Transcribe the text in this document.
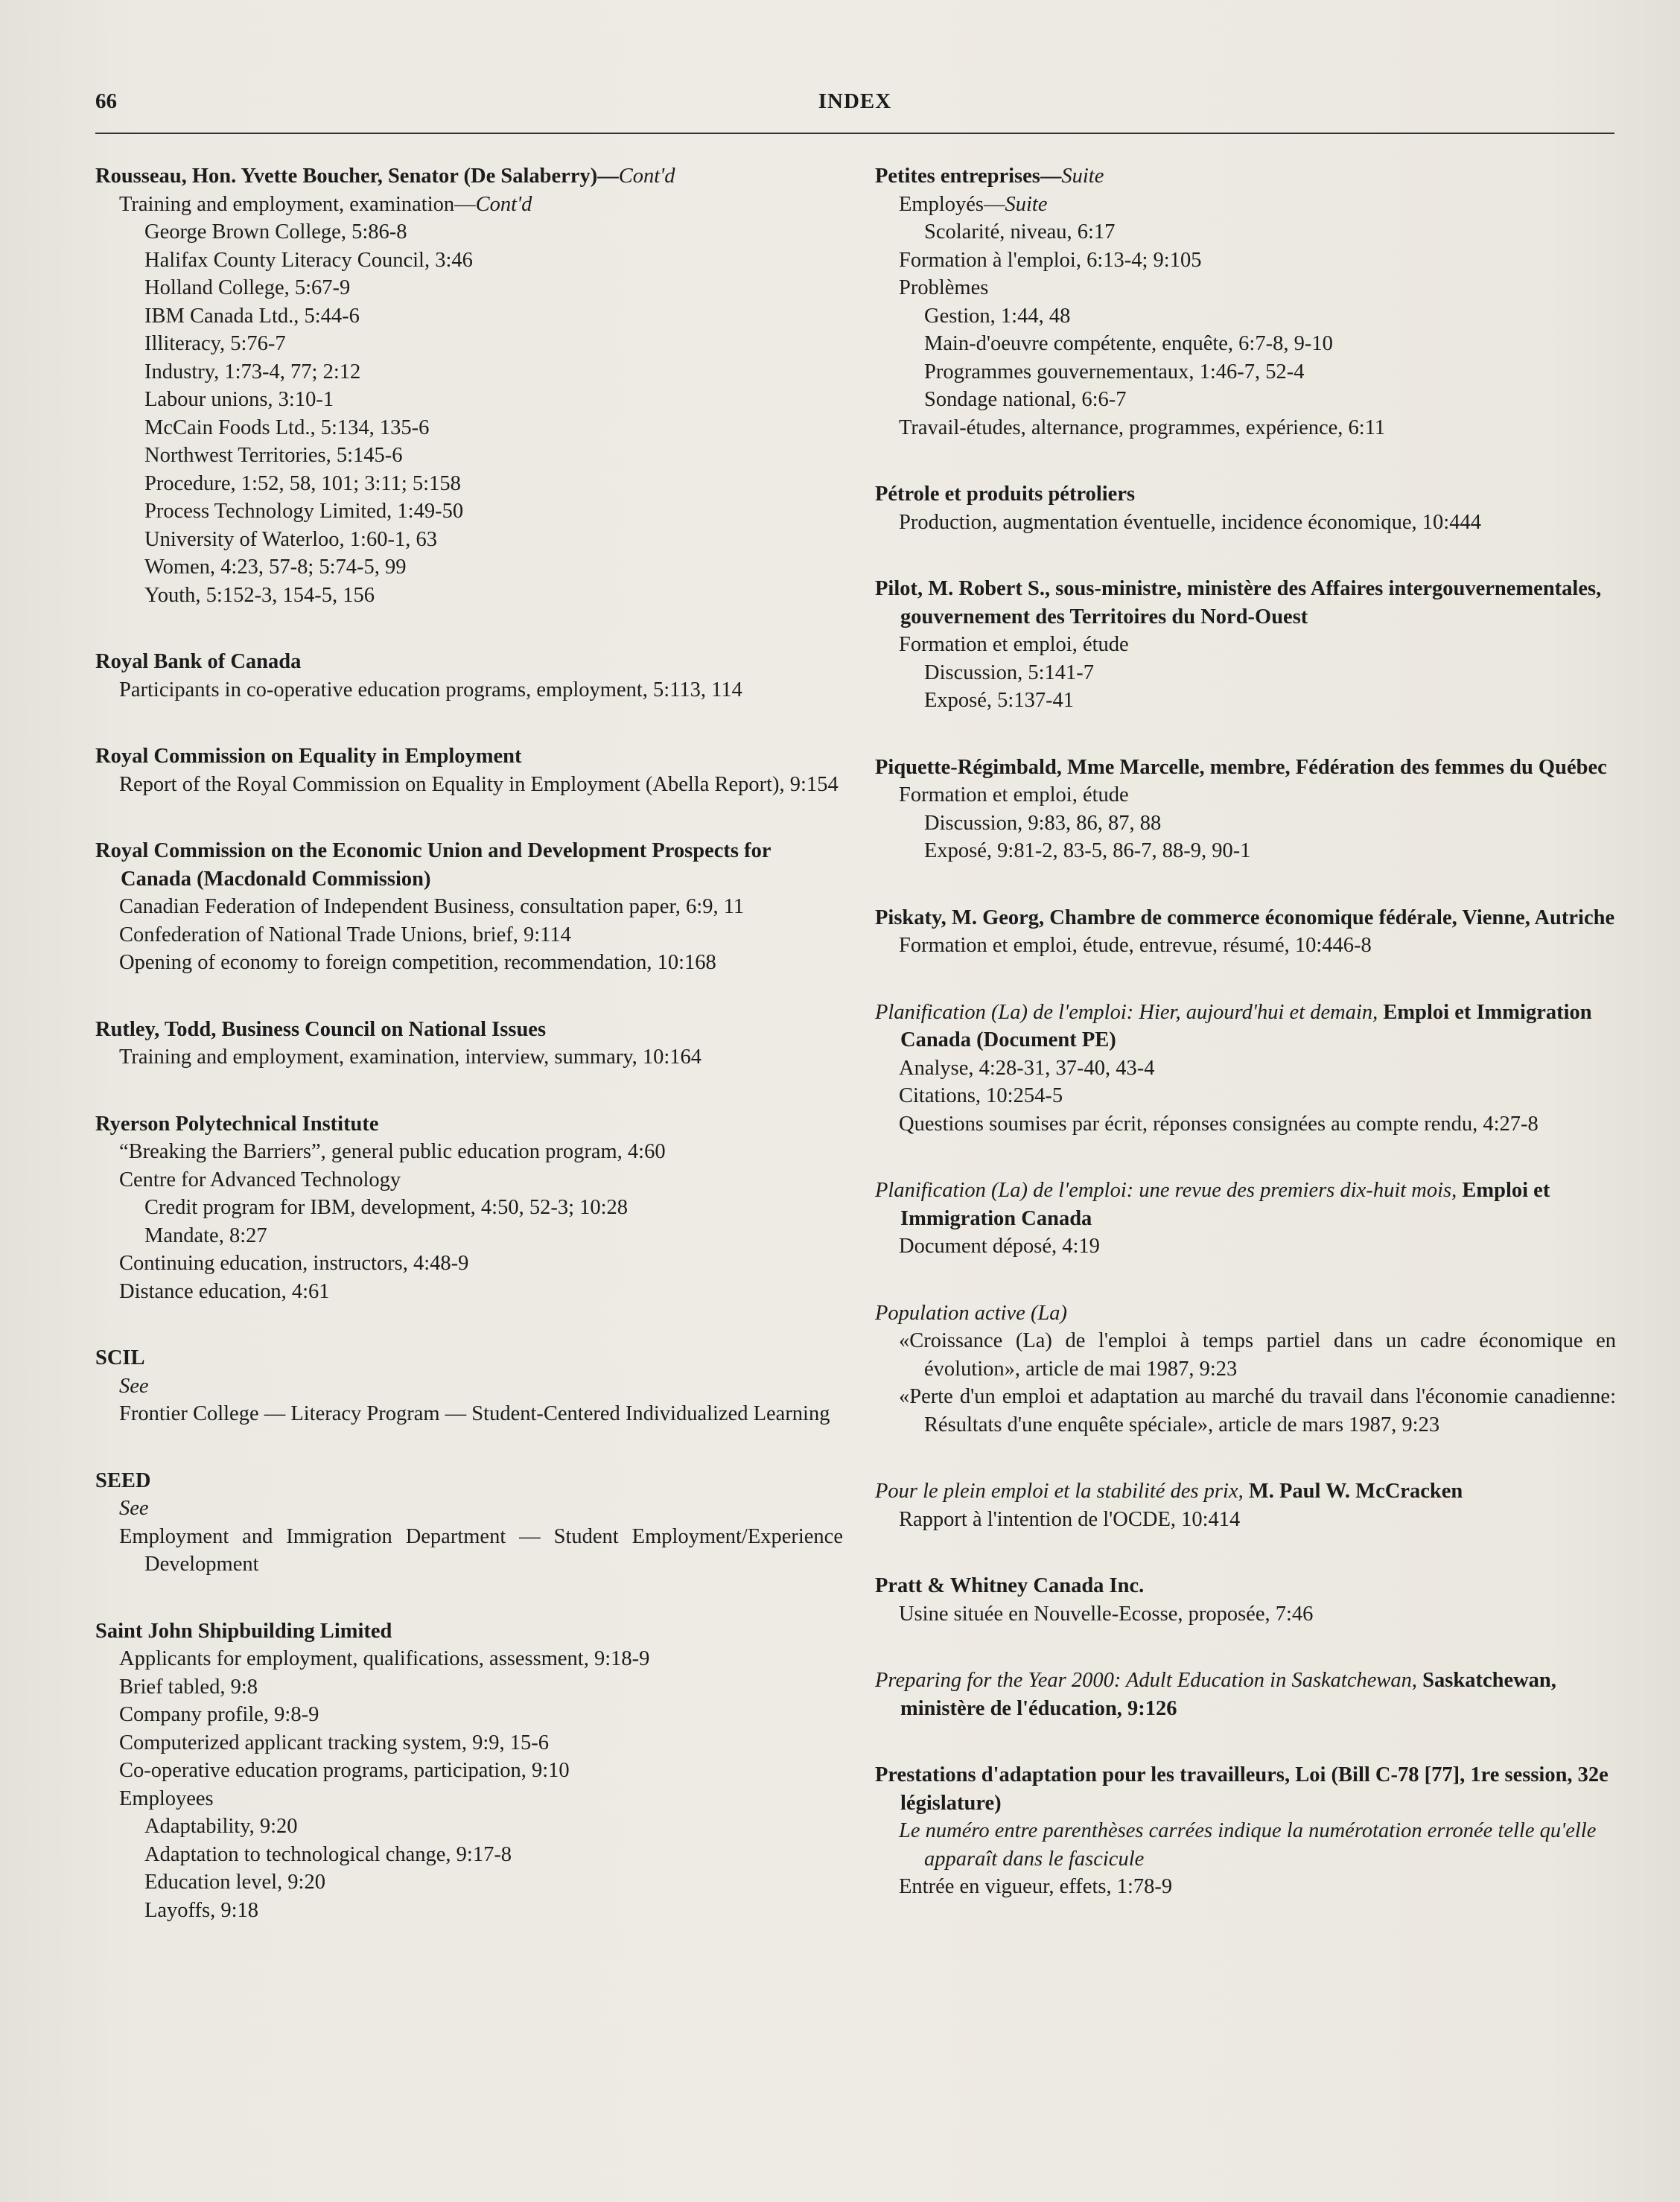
66	INDEX
Rousseau, Hon. Yvette Boucher, Senator (De Salaberry)—Cont'd
Training and employment, examination—Cont'd
George Brown College, 5:86-8
Halifax County Literacy Council, 3:46
Holland College, 5:67-9
IBM Canada Ltd., 5:44-6
Illiteracy, 5:76-7
Industry, 1:73-4, 77; 2:12
Labour unions, 3:10-1
McCain Foods Ltd., 5:134, 135-6
Northwest Territories, 5:145-6
Procedure, 1:52, 58, 101; 3:11; 5:158
Process Technology Limited, 1:49-50
University of Waterloo, 1:60-1, 63
Women, 4:23, 57-8; 5:74-5, 99
Youth, 5:152-3, 154-5, 156
Royal Bank of Canada
Participants in co-operative education programs, employment, 5:113, 114
Royal Commission on Equality in Employment
Report of the Royal Commission on Equality in Employment (Abella Report), 9:154
Royal Commission on the Economic Union and Development Prospects for Canada (Macdonald Commission)
Canadian Federation of Independent Business, consultation paper, 6:9, 11
Confederation of National Trade Unions, brief, 9:114
Opening of economy to foreign competition, recommendation, 10:168
Rutley, Todd, Business Council on National Issues
Training and employment, examination, interview, summary, 10:164
Ryerson Polytechnical Institute
“Breaking the Barriers”, general public education program, 4:60
Centre for Advanced Technology
Credit program for IBM, development, 4:50, 52-3; 10:28
Mandate, 8:27
Continuing education, instructors, 4:48-9
Distance education, 4:61
SCIL
See
Frontier College — Literacy Program — Student-Centered Individualized Learning
SEED
See
Employment and Immigration Department — Student Employment/Experience Development
Saint John Shipbuilding Limited
Applicants for employment, qualifications, assessment, 9:18-9
Brief tabled, 9:8
Company profile, 9:8-9
Computerized applicant tracking system, 9:9, 15-6
Co-operative education programs, participation, 9:10
Employees
Adaptability, 9:20
Adaptation to technological change, 9:17-8
Education level, 9:20
Layoffs, 9:18
Petites entreprises—Suite
Employés—Suite
Scolarité, niveau, 6:17
Formation à l'emploi, 6:13-4; 9:105
Problèmes
Gestion, 1:44, 48
Main-d'oeuvre compétente, enquête, 6:7-8, 9-10
Programmes gouvernementaux, 1:46-7, 52-4
Sondage national, 6:6-7
Travail-études, alternance, programmes, expérience, 6:11
Pétrole et produits pétroliers
Production, augmentation éventuelle, incidence économique, 10:444
Pilot, M. Robert S., sous-ministre, ministère des Affaires intergouvernementales, gouvernement des Territoires du Nord-Ouest
Formation et emploi, étude
Discussion, 5:141-7
Exposé, 5:137-41
Piquette-Régimbald, Mme Marcelle, membre, Fédération des femmes du Québec
Formation et emploi, étude
Discussion, 9:83, 86, 87, 88
Exposé, 9:81-2, 83-5, 86-7, 88-9, 90-1
Piskaty, M. Georg, Chambre de commerce économique fédérale, Vienne, Autriche
Formation et emploi, étude, entrevue, résumé, 10:446-8
Planification (La) de l'emploi: Hier, aujourd'hui et demain, Emploi et Immigration Canada (Document PE)
Analyse, 4:28-31, 37-40, 43-4
Citations, 10:254-5
Questions soumises par écrit, réponses consignées au compte rendu, 4:27-8
Planification (La) de l'emploi: une revue des premiers dix-huit mois, Emploi et Immigration Canada
Document déposé, 4:19
Population active (La)
«Croissance (La) de l'emploi à temps partiel dans un cadre économique en évolution», article de mai 1987, 9:23
«Perte d'un emploi et adaptation au marché du travail dans l'économie canadienne: Résultats d'une enquête spéciale», article de mars 1987, 9:23
Pour le plein emploi et la stabilité des prix, M. Paul W. McCracken
Rapport à l'intention de l'OCDE, 10:414
Pratt & Whitney Canada Inc.
Usine située en Nouvelle-Ecosse, proposée, 7:46
Preparing for the Year 2000: Adult Education in Saskatchewan, Saskatchewan, ministère de l'éducation, 9:126
Prestations d'adaptation pour les travailleurs, Loi (Bill C-78 [77], 1re session, 32e législature)
Le numéro entre parenthèses carrées indique la numérotation erronée telle qu'elle apparaît dans le fascicule
Entrée en vigueur, effets, 1:78-9
